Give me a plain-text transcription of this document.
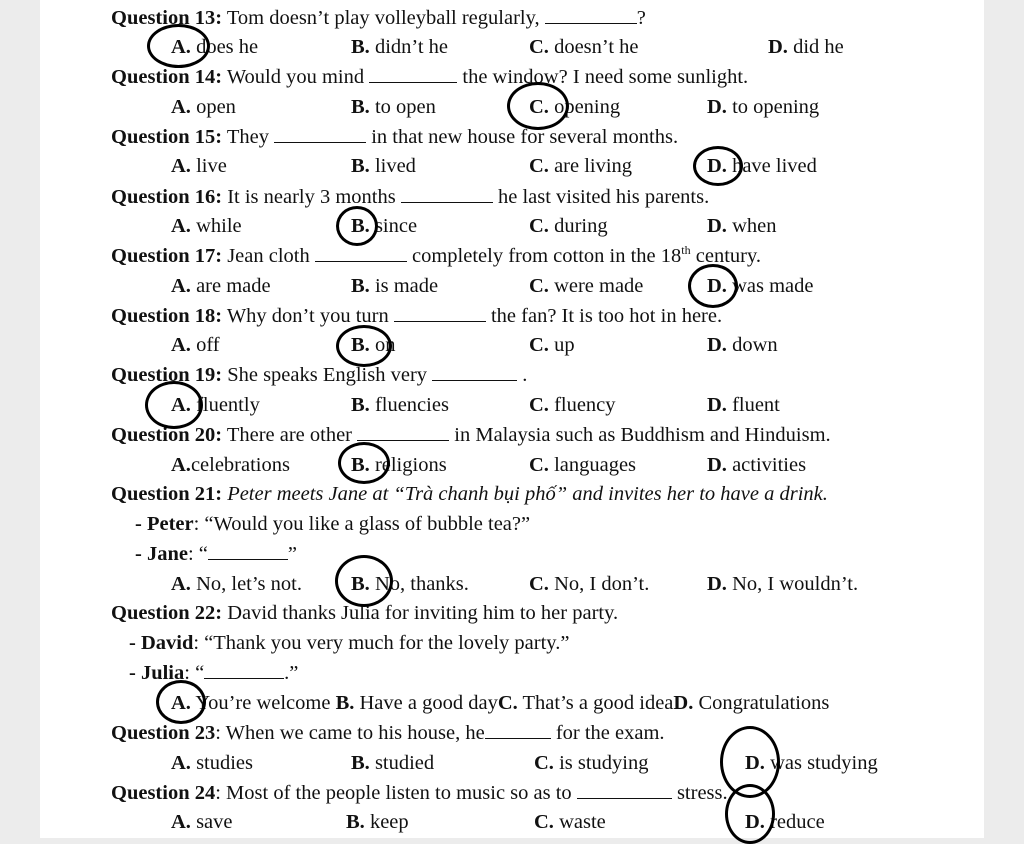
Question 13: Tom doesn’t play volleyball regularly,	?
A. does he	B. didn’t he	C. doesn’t he	D. did he
Question 14: Would you mind	the window? I need some sunlight.
A. open	B. to open	C. opening	D. to opening
Question 15: They	in that new house for several months.
A. live	B. lived	C. are living	D. have lived
Question 16: It is nearly 3 months	he last visited his parents.
A. while	B. since	C. during	D. when
Question 17: Jean cloth	completely from cotton in the 18th century.
A. are made	B. is made	C. were made	D. was made
Question 18: Why don’t you turn	the fan? It is too hot in here.
A. off	B. on	C. up	D. down
Question 19: She speaks English very	.
A. fluently	B. fluencies	C. fluency	D. fluent
Question 20: There are other	in Malaysia such as Buddhism and Hinduism.
A.celebrations	B. religions	C. languages	D. activities
Question 21: Peter meets Jane at “Trà chanh bụi phố” and invites her to have a drink.
- Peter: “Would you like a glass of bubble tea?”
- Jane: “	”
A. No, let’s not. B. No, thanks.	C. No, I don’t.	D. No, I wouldn’t.
Question 22: David thanks Julia for inviting him to her party.
- David: “Thank you very much for the lovely party.”
- Julia: “	.”
A. You’re welcome B. Have a good dayC. That’s a good ideaD. Congratulations
Question 23: When we came to his house, he	for the exam.
A. studies	B. studied	C. is studying	D. was studying
Question 24: Most of the people listen to music so as to	stress.
A. save	B. keep	C. waste	D. reduce
